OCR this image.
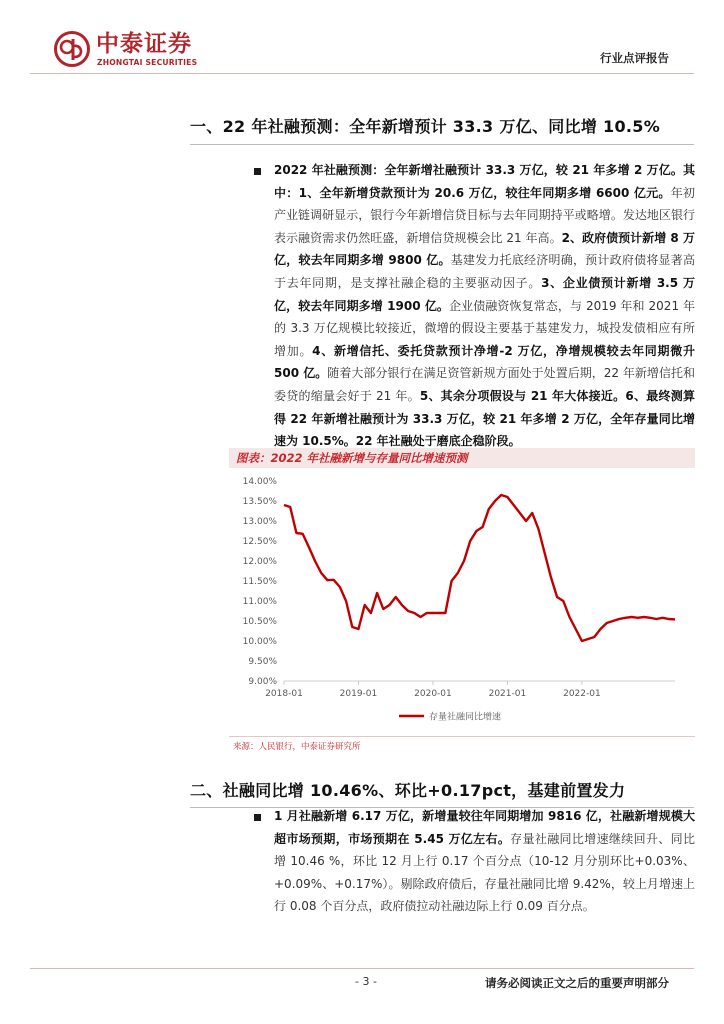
中泰证券
ZHONGTAI SECURITIES	行业点评报告
一、22 年社融预测：全年新增预计 33.3 万亿、同比增 10.5%
2022 年社融预测：全年新增社融预计 33.3 万亿，较 21 年多增 2 万亿。其中：1、全年新增贷款预计为 20.6 万亿，较往年同期多增 6600 亿元。年初产业链调研显示，银行今年新增信贷目标与去年同期持平或略增。发达地区银行表示融资需求仍然旺盛，新增信贷规模会比 21 年高。2、政府债预计新增 8 万亿，较去年同期多增 9800 亿。基建发力托底经济明确，预计政府债将显著高于去年同期，是支撑社融企稳的主要驱动因子。3、企业债预计新增 3.5 万亿，较去年同期多增 1900 亿。企业债融资恢复常态，与 2019 年和 2021 年的 3.3 万亿规模比较接近，微增的假设主要基于基建发力，城投发债相应有所增加。4、新增信托、委托贷款预计净增-2 万亿，净增规模较去年同期微升 500 亿。随着大部分银行在满足资管新规方面处于处置后期，22 年新增信托和委贷的缩量会好于 21 年。5、其余分项假设与 21 年大体接近。6、最终测算得 22 年新增社融预计为 33.3 万亿，较 21 年多增 2 万亿，全年存量同比增速为 10.5%。22 年社融处于磨底企稳阶段。
图表：2022 年社融新增与存量同比增速预测
9.00%
9.50%
10.00%
10.50%
11.00%
11.50%
12.00%
12.50%
13.00%
13.50%
14.00%
2018-01	2019-01	2020-01	2021-01	2022-01
存量社融同比增速
来源：人民银行，中泰证券研究所
二、社融同比增 10.46%、环比+0.17pct，基建前置发力
1 月社融新增 6.17 万亿，新增量较往年同期增加 9816 亿，社融新增规模大超市场预期，市场预期在 5.45 万亿左右。存量社融同比增速继续回升、同比增 10.46 %，环比 12 月上行 0.17 个百分点（10-12 月分别环比+0.03%、+0.09%、+0.17%）。剔除政府债后，存量社融同比增 9.42%，较上月增速上行 0.08 个百分点，政府债拉动社融边际上行 0.09 百分点。
- 3 -	请务必阅读正文之后的重要声明部分
